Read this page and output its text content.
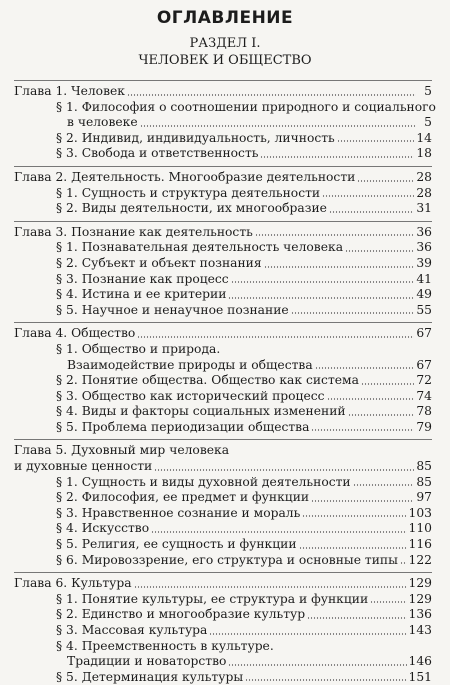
ОГЛАВЛЕНИЕ
РАЗДЕЛ I.
ЧЕЛОВЕК И ОБЩЕСТВО
Глава 1. Человек	5
§ 1. Философия о соотношении природного и социального
в человеке	5
§ 2. Индивид, индивидуальность, личность	14
§ 3. Свобода и ответственность	18
Глава 2. Деятельность. Многообразие деятельности	28
§ 1. Сущность и структура деятельности	28
§ 2. Виды деятельности, их многообразие	31
Глава 3. Познание как деятельность	36
§ 1. Познавательная деятельность человека	36
§ 2. Субъект и объект познания	39
§ 3. Познание как процесс	41
§ 4. Истина и ее критерии	49
§ 5. Научное и ненаучное познание	55
Глава 4. Общество	67
§ 1. Общество и природа.
Взаимодействие природы и общества	67
§ 2. Понятие общества. Общество как система	72
§ 3. Общество как исторический процесс	74
§ 4. Виды и факторы социальных изменений	78
§ 5. Проблема периодизации общества	79
Глава 5. Духовный мир человека
и духовные ценности	85
§ 1. Сущность и виды духовной деятельности	85
§ 2. Философия, ее предмет и функции	97
§ 3. Нравственное сознание и мораль	103
§ 4. Искусство	110
§ 5. Религия, ее сущность и функции	116
§ 6. Мировоззрение, его структура и основные типы 122
Глава 6. Культура	129
§ 1. Понятие культуры, ее структура и функции	129
§ 2. Единство и многообразие культур	136
§ 3. Массовая культура	143
§ 4. Преемственность в культуре.
Традиции и новаторство	146
§ 5. Детерминация культуры	151
